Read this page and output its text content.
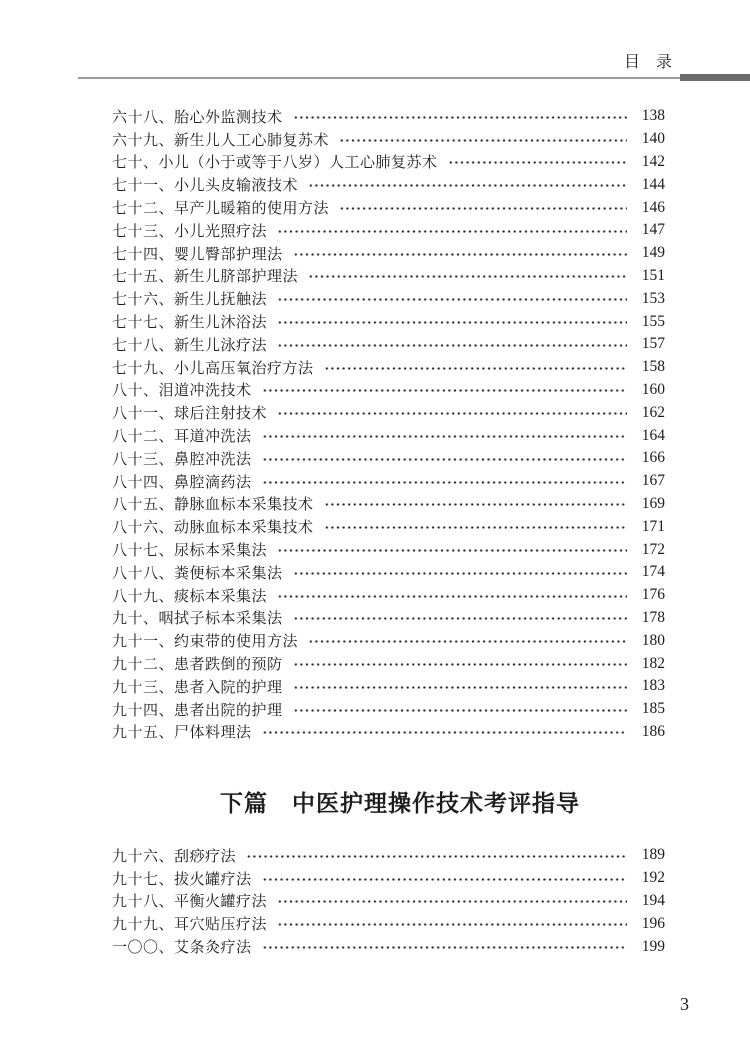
目　录
六十八、胎心外监测技术	138
六十九、新生儿人工心肺复苏术	140
七十、小儿（小于或等于八岁）人工心肺复苏术	142
七十一、小儿头皮输液技术	144
七十二、早产儿暖箱的使用方法	146
七十三、小儿光照疗法	147
七十四、婴儿臀部护理法	149
七十五、新生儿脐部护理法	151
七十六、新生儿抚触法	153
七十七、新生儿沐浴法	155
七十八、新生儿泳疗法	157
七十九、小儿高压氧治疗方法	158
八十、泪道冲洗技术	160
八十一、球后注射技术	162
八十二、耳道冲洗法	164
八十三、鼻腔冲洗法	166
八十四、鼻腔滴药法	167
八十五、静脉血标本采集技术	169
八十六、动脉血标本采集技术	171
八十七、尿标本采集法	172
八十八、粪便标本采集法	174
八十九、痰标本采集法	176
九十、咽拭子标本采集法	178
九十一、约束带的使用方法	180
九十二、患者跌倒的预防	182
九十三、患者入院的护理	183
九十四、患者出院的护理	185
九十五、尸体料理法	186
下篇　中医护理操作技术考评指导
九十六、刮痧疗法	189
九十七、拔火罐疗法	192
九十八、平衡火罐疗法	194
九十九、耳穴贴压疗法	196
一〇〇、艾条灸疗法	199
3
